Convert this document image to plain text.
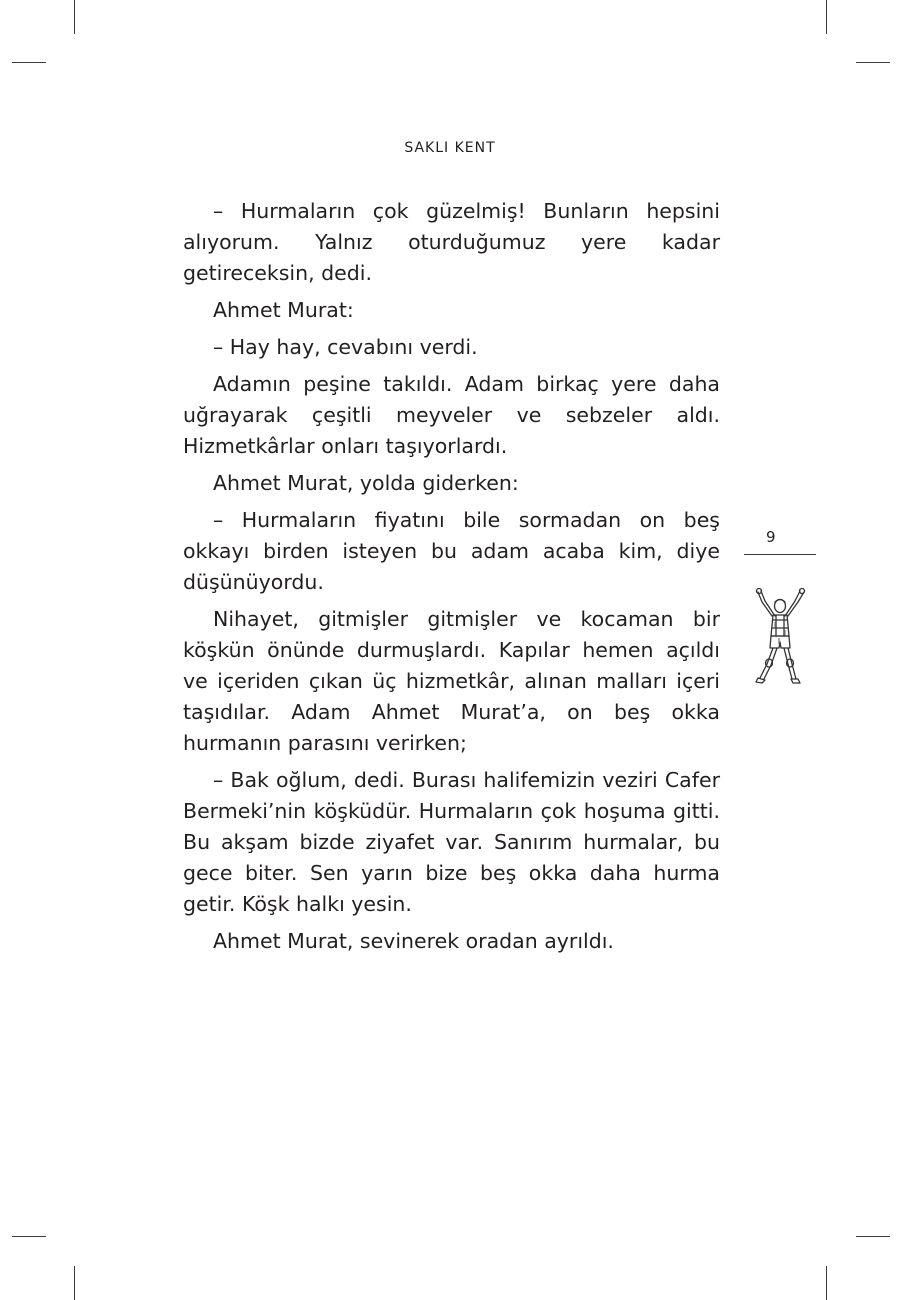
SAKLI KENT

– Hurmaların çok güzelmiş! Bunların hepsini alıyorum. Yalnız oturduğumuz yere kadar getireceksin, dedi.

Ahmet Murat:

– Hay hay, cevabını verdi.

Adamın peşine takıldı. Adam birkaç yere daha uğrayarak çeşitli meyveler ve sebzeler aldı. Hizmetkârlar onları taşıyorlardı.

Ahmet Murat, yolda giderken:

– Hurmaların fiyatını bile sormadan on beş okkayı birden isteyen bu adam acaba kim, diye düşünüyordu.

Nihayet, gitmişler gitmişler ve kocaman bir köşkün önünde durmuşlardı. Kapılar hemen açıldı ve içeriden çıkan üç hizmetkâr, alınan malları içeri taşıdılar. Adam Ahmet Murat’a, on beş okka hurmanın parasını verirken;

– Bak oğlum, dedi. Burası halifemizin veziri Cafer Bermeki’nin köşküdür. Hurmaların çok hoşuma gitti. Bu akşam bizde ziyafet var. Sanırım hurmalar, bu gece biter. Sen yarın bize beş okka daha hurma getir. Köşk halkı yesin.

Ahmet Murat, sevinerek oradan ayrıldı.

9
